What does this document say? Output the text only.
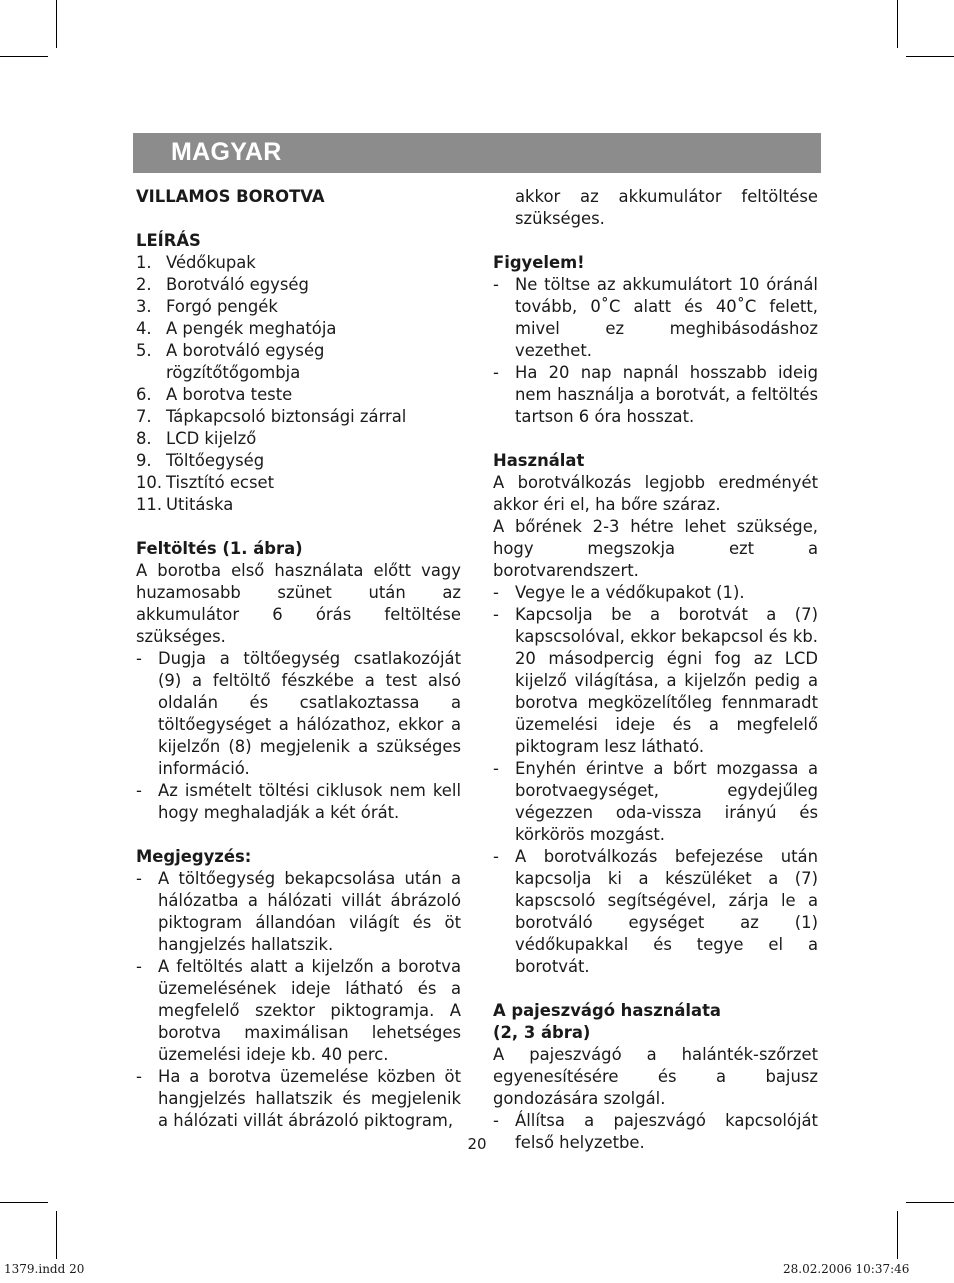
MAGYAR

VILLAMOS BOROTVA

LEÍRÁS

1. Védőkupak
2. Borotváló egység
3. Forgó pengék
4. A pengék meghatója
5. A borotváló egység rögzítőtőgombja
6. A borotva teste
7. Tápkapcsoló biztonsági zárral
8. LCD kijelző
9. Töltőegység
10. Tisztító ecset
11. Utitáska

Feltöltés (1. ábra)

A borotba első használata előtt vagy huzamosabb szünet után az akkumulátor 6 órás feltöltése szükséges.

- Dugja a töltőegység csatlakozóját (9) a feltöltő fészkébe a test alsó oldalán és csatlakoztassa a töltőegységet a hálózathoz, ekkor a kijelzőn (8) megjelenik a szükséges információ.
- Az ismételt töltési ciklusok nem kell hogy meghaladják a két órát.

Megjegyzés:

- A töltőegység bekapcsolása után a hálózatba a hálózati villát ábrázoló piktogram állandóan világít és öt hangjelzés hallatszik.
- A feltöltés alatt a kijelzőn a borotva üzemelésének ideje látható és a megfelelő szektor piktogramja. A borotva maximálisan lehetséges üzemelési ideje kb. 40 perc.
- Ha a borotva üzemelése közben öt hangjelzés hallatszik és megjelenik a hálózati villát ábrázoló piktogram,

akkor az akkumulátor feltöltése szükséges.

Figyelem!

- Ne töltse az akkumulátort 10 óránál tovább, 0˚C alatt és 40˚C felett, mivel ez meghibásodáshoz vezethet.
- Ha 20 nap napnál hosszabb ideig nem használja a borotvát, a feltöltés tartson 6 óra hosszat.

Használat

A borotválkozás legjobb eredményét akkor éri el, ha bőre száraz.

A bőrének 2-3 hétre lehet szüksége, hogy megszokja ezt a borotvarendszert.

- Vegye le a védőkupakot (1).
- Kapcsolja be a borotvát a (7) kapscsolóval, ekkor bekapcsol és kb. 20 másodpercig égni fog az LCD kijelző világítása, a kijelzőn pedig a borotva megközelítőleg fennmaradt üzemelési ideje és a megfelelő piktogram lesz látható.
- Enyhén érintve a bőrt mozgassa a borotvaegységet, egydejűleg végezzen oda-vissza irányú és körkörös mozgást.
- A borotválkozás befejezése után kapcsolja ki a készüléket a (7) kapscsoló segítségével, zárja le a borotváló egységet az (1) védőkupakkal és tegye el a borotvát.

A pajeszvágó használata

(2, 3 ábra)

A pajeszvágó a halánték-szőrzet egyenesítésére és a bajusz gondozására szolgál.

- Állítsa a pajeszvágó kapcsolóját felső helyzetbe.
20
1379.indd 20	28.02.2006 10:37:46
